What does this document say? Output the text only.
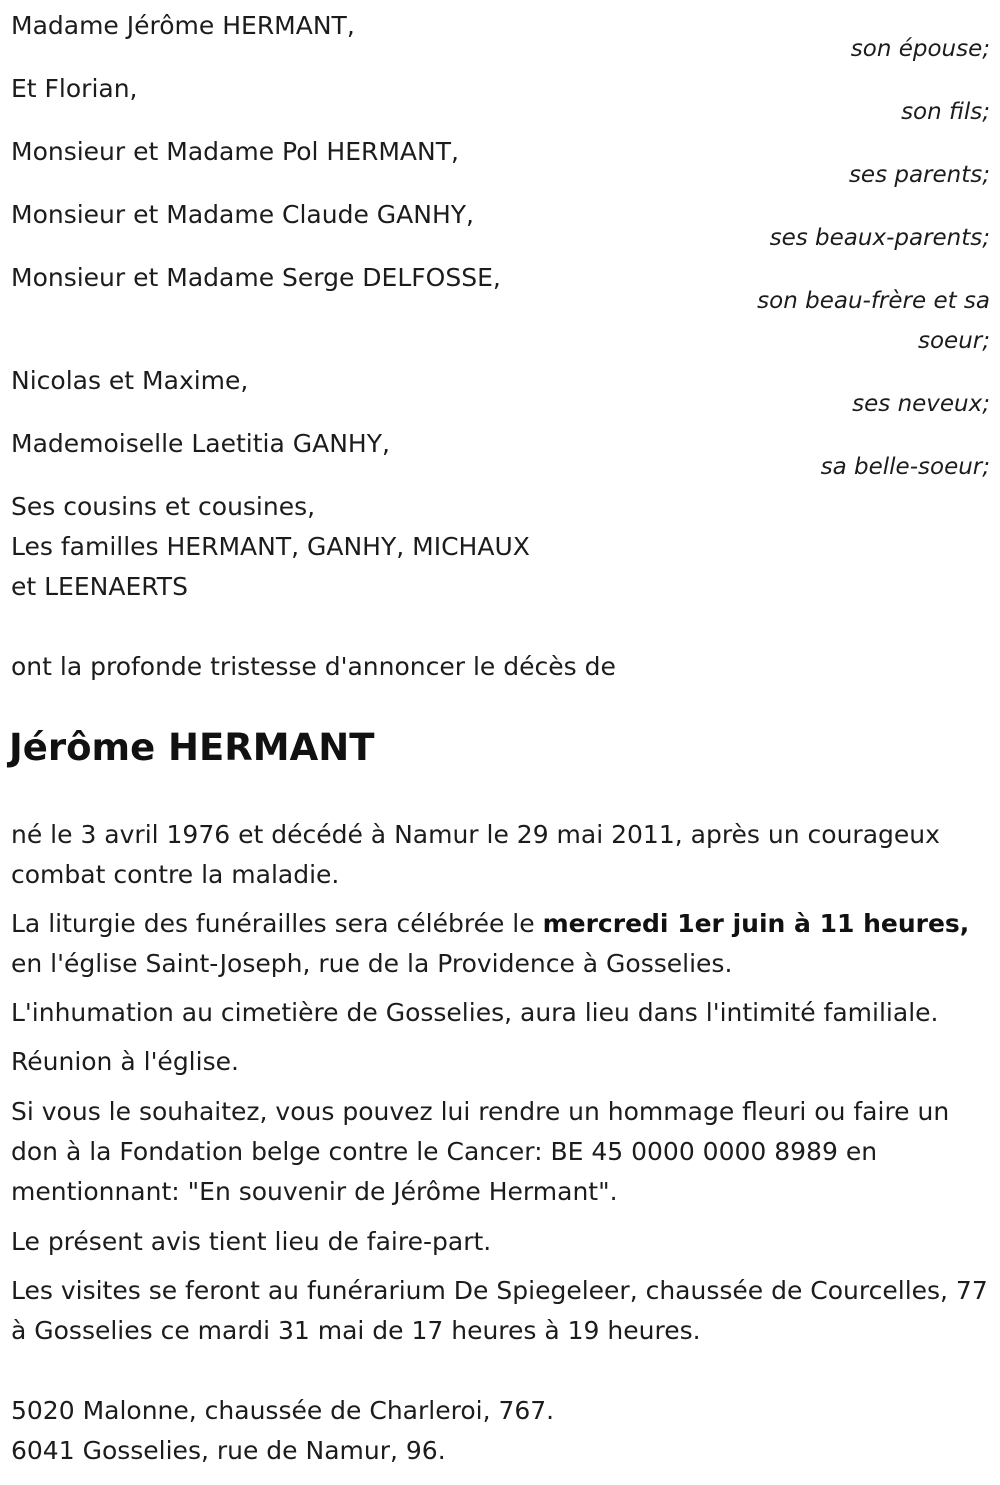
Madame Jérôme HERMANT,
son épouse;
Et Florian,
son fils;
Monsieur et Madame Pol HERMANT,
ses parents;
Monsieur et Madame Claude GANHY,
ses beaux-parents;
Monsieur et Madame Serge DELFOSSE,
son beau-frère et sa
soeur;
Nicolas et Maxime,
ses neveux;
Mademoiselle Laetitia GANHY,
sa belle-soeur;
Ses cousins et cousines,
Les familles HERMANT, GANHY, MICHAUX
et LEENAERTS
ont la profonde tristesse d'annoncer le décès de
Jérôme HERMANT

né le 3 avril 1976 et décédé à Namur le 29 mai 2011, après un courageux combat contre la maladie.

La liturgie des funérailles sera célébrée le mercredi 1er juin à 11 heures, en l'église Saint-Joseph, rue de la Providence à Gosselies.

L'inhumation au cimetière de Gosselies, aura lieu dans l'intimité familiale.

Réunion à l'église.

Si vous le souhaitez, vous pouvez lui rendre un hommage fleuri ou faire un don à la Fondation belge contre le Cancer: BE 45 0000 0000 8989 en mentionnant: "En souvenir de Jérôme Hermant".

Le présent avis tient lieu de faire-part.

Les visites se feront au funérarium De Spiegeleer, chaussée de Courcelles, 77 à Gosselies ce mardi 31 mai de 17 heures à 19 heures.

5020 Malonne, chaussée de Charleroi, 767.
6041 Gosselies, rue de Namur, 96.
